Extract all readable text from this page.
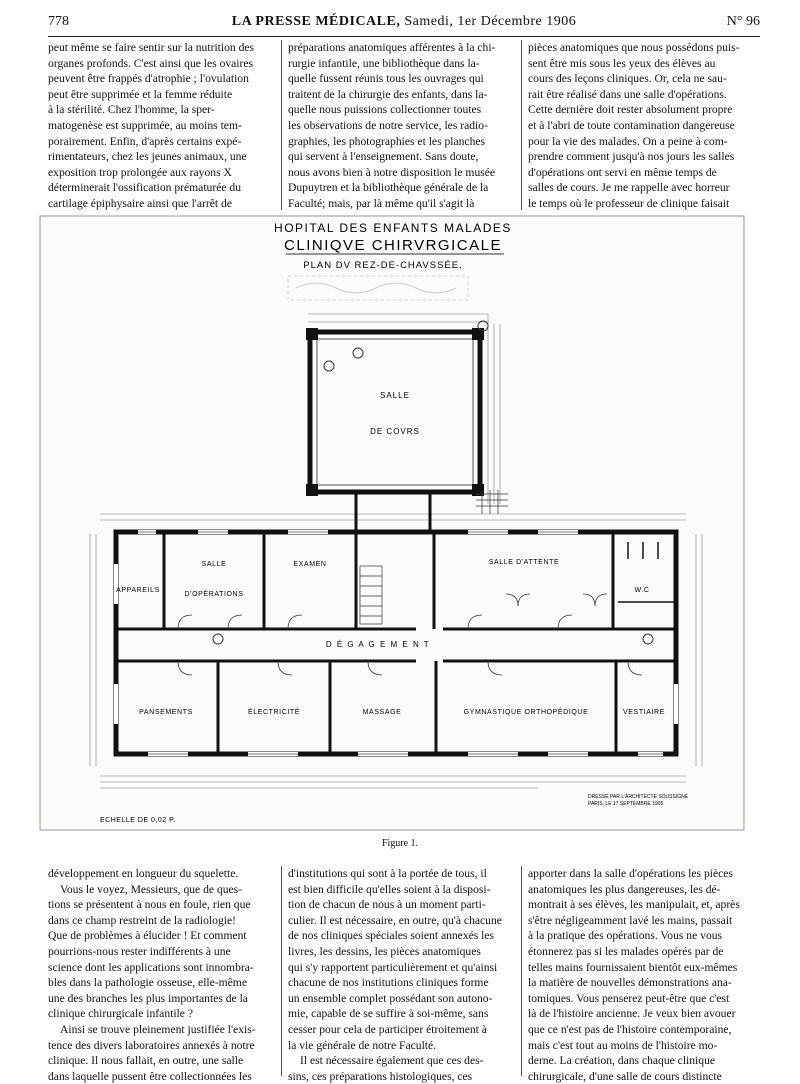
778	LA PRESSE MÉDICALE, Samedi, 1er Décembre 1906	N° 96
peut même se faire sentir sur la nutrition des
organes profonds. C'est ainsi que les ovaires
peuvent être frappés d'atrophie ; l'ovulation
peut être supprimée et la femme réduite
à la stérilité. Chez l'homme, la sper-
matogenèse est supprimée, au moins tem-
porairement. Enfin, d'après certains expé-
rimentateurs, chez les jeunes animaux, une
exposition trop prolongée aux rayons X
déterminerait l'ossification prématurée du
cartilage épiphysaire ainsi que l'arrêt de
préparations anatomiques afférentes à la chi-
rurgie infantile, une bibliothèque dans la-
quelle fussent réunis tous les ouvrages qui
traitent de la chirurgie des enfants, dans la-
quelle nous puissions collectionner toutes
les observations de notre service, les radio-
graphies, les photographies et les planches
qui servent à l'enseignement. Sans doute,
nous avons bien à notre disposition le musée
Dupuytren et la bibliothèque générale de la
Faculté; mais, par là même qu'il s'agit là
pièces anatomiques que nous possédons puis-
sent être mis sous les yeux des élèves au
cours des leçons cliniques. Or, cela ne sau-
rait être réalisé dans une salle d'opérations.
Cette dernière doit rester absolument propre
et à l'abri de toute contamination dangereuse
pour la vie des malades. On a peine à com-
prendre comment jusqu'à nos jours les salles
d'opérations ont servi en même temps de
salles de cours. Je me rappelle avec horreur
le temps où le professeur de clinique faisait
HOPITAL DES ENFANTS MALADES
CLINIQVE CHIRVRGICALE
PLAN DV REZ-DE-CHAVSSÉE.
SALLE
DE COVRS
APPAREILS
SALLE
D'OPÉRATIONS
EXAMEN	SALLE D'ATTENTE
W.C
D É G A G E M E N T
PANSEMENTS	ÉLECTRICITÉ	MASSAGE	GYMNASTIQUE ORTHOPÉDIQUE	VESTIAIRE
ECHELLE DE 0,02 P.
DRESSÉ PAR L'ARCHITECTE SOUSSIGNÉ
PARIS, LE 17 SEPTEMBRE 1905
Figure 1.
développement en longueur du squelette.
Vous le voyez, Messieurs, que de ques-
tions se présentent à nous en foule, rien que
dans ce champ restreint de la radiologie!
Que de problèmes à élucider ! Et comment
pourrions-nous rester indifférents à une
science dont les applications sont innombra-
bles dans la pathologie osseuse, elle-même
une des branches les plus importantes de la
clinique chirurgicale infantile ?
Ainsi se trouve pleinement justifiée l'exis-
tence des divers laboratoires annexés à notre
clinique. Il nous fallait, en outre, une salle
dans laquelle pussent être collectionnées les
d'institutions qui sont à la portée de tous, il
est bien difficile qu'elles soient à la disposi-
tion de chacun de nous à un moment parti-
culier. Il est nécessaire, en outre, qu'à chacune
de nos cliniques spéciales soient annexés les
livres, les dessins, les pièces anatomiques
qui s'y rapportent particulièrement et qu'ainsi
chacune de nos institutions cliniques forme
un ensemble complet possédant son autono-
mie, capable de se suffire à soi-même, sans
cesser pour cela de participer étroitement à
la vie générale de notre Faculté.
Il est nécessaire également que ces des-
sins, ces préparations histologiques, ces
apporter dans la salle d'opérations les pièces
anatomiques les plus dangereuses, les dé-
montrait à ses élèves, les manipulait, et, après
s'être négligeamment lavé les mains, passait
à la pratique des opérations. Vous ne vous
étonnerez pas si les malades opérés par de
telles mains fournissaient bientôt eux-mêmes
la matière de nouvelles démonstrations ana-
tomiques. Vous penserez peut-être que c'est
là de l'histoire ancienne. Je veux bien avouer
que ce n'est pas de l'histoire contemporaine,
mais c'est tout au moins de l'histoire mo-
derne. La création, dans chaque clinique
chirurgicale, d'une salle de cours distincte
